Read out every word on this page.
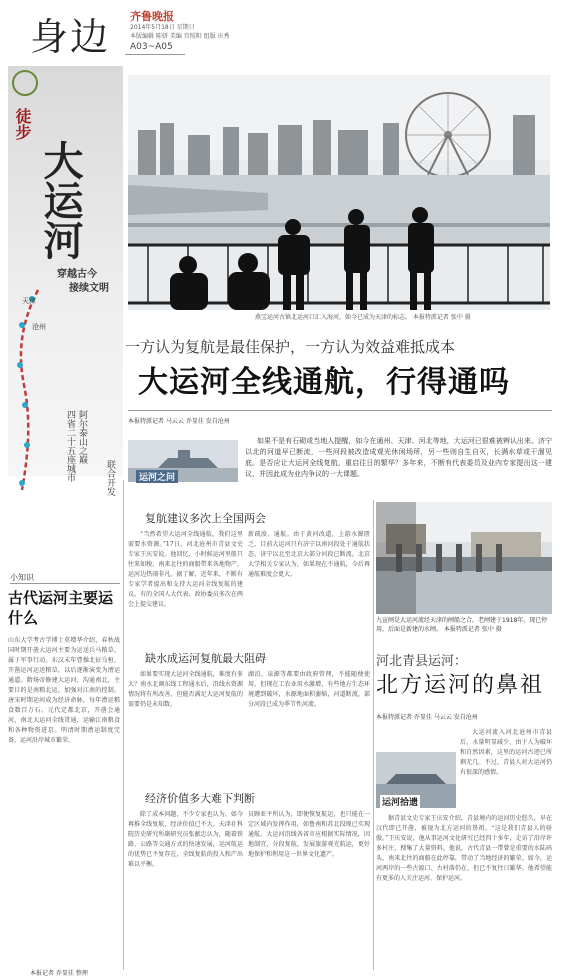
身边 齐鲁晚报
2014年5月18日 星期日
本版编辑 陈妍 美编 宫照阳 组版 庆秀
A03~A05
徒步
大运河
穿越古今
接续文明
天津
沧州
阿尔泰山之巅
四省二十五座城市	联合开发
小知识
古代运河主要运什么
山东大学考古学博士莫增华介绍，春秋战国时期开凿大运河主要为运送兵马粮草，属于军事行动。东汉末年曹操北征乌桓，开凿运河运送粮草，以后逐渐演变为漕运通道。隋炀帝修建大运河，沟通南北，主要目的是南粮北运，加强对江南的控制。唐宋时期运河成为经济命脉，每年漕运粮食数百万石。元代定都北京，开凿会通河，南北大运河全线贯通，运输江南粮食和各种物资进京。明清时期漕运制度完备，运河沿岸城市繁荣。
本报记者 乔显佳 整理
燕宝运河古镇北运河口汇入海河，如今已成为天津的标志。 本报特派记者 张中 摄
一方认为复航是最佳保护，一方认为效益难抵成本
大运河全线通航，行得通吗
本报特派记者 马云云 乔显佳 发自沧州
运河之问
如果不是有石砌或当地人提醒，如今在通州、天津、河北等地，大运河已很难被辨认出来。济宁以北的河道早已断流，一些河段被改造成观光休闲场所，另一些则自生自灭，长满水草或干涸见底。是否应让大运河全线复航，重启往日的繁华？多年来，不断有代表委员及业内专家提出这一建议，并因此成为业内争议的一大课题。
复航建议多次上全国两会
“当然希望大运河全线通航，我们这里需要水资源。”17日，河北沧州市青县文史专家王庆安说。他回忆，小时候运河里船只往来如梭，南来北往的商船带来各地物产，运河边热闹非凡。据了解，近年来，不断有专家学者提出和支持大运河全线复航的建议。有的全国人大代表、政协委员多次在两会上提交建议。
新疏浚、通航。由于黄河改道，上游水源匮乏，目前大运河只有济宁以南河段处于通航状态，济宁以北至北京大部分河段已断流。北京大学相关专家认为，如果现在不通航，今后再通航难度会更大。
缺水成运河复航最大阻碍
如果要实现大运河全线通航，难度有多大？南水北调东线工程通水后，沿线水资源情况将有所改善，但能否满足大运河复航的需要仍是未知数。
湖泊、泉源等都要由政府管理，不能随便使用。但现在工农业用水激增，有些地方生态环境遭到破坏，水源地面积萎缩，河道断流，部分河段已成为季节性河流。
经济价值多大难下判断
除了成本问题，不少专家也认为，如今再推全线复航，经济价值已不大。天津社科院历史研究所副研究员张献忠认为，随着铁路、公路等交通方式的快速发展，运河航运的优势已不复存在，全线复航的投入和产出难以平衡。
员顾亚平所认为，即便恢复航运，也只能在一定区域内发挥作用，如鲁南和苏北段现已实现通航。大运河沿线各省市应根据实际情况，因地制宜，分段复航，发展旅游观光航运，更好地保护和利用这一世界文化遗产。
九宣闸是大运河流经天津的闸船之合。老闸建于1918年，现已停用，后面是新建的水闸。 本报特派记者 张中 摄
河北青县运河：
北方运河的鼻祖
本报特派记者 乔显佳 马云云 发自沧州
运河拾遗
大运河流入河北沧州市青县后，水量明显减少，由于人为破坏和自然因素，这里的运河古迹已所剩无几。不过，青县人对大运河仍有很深的感情。
据青县文史专家王庆安介绍，青县境内的运河历史悠久，早在汉代即已开凿，被视为北方运河的鼻祖。“这是我们青县人的骄傲。”王庆安说，他从事运河文化研究已经四十多年，走访了沿岸许多村庄，搜集了大量资料。他说，古代青县一带曾是重要的水陆码头，南来北往的商船在此停靠，带动了当地经济的繁荣。如今，运河两岸的一些古渡口、古村落仍在，但已不复往日繁华。他希望能有更多的人关注运河、保护运河。
